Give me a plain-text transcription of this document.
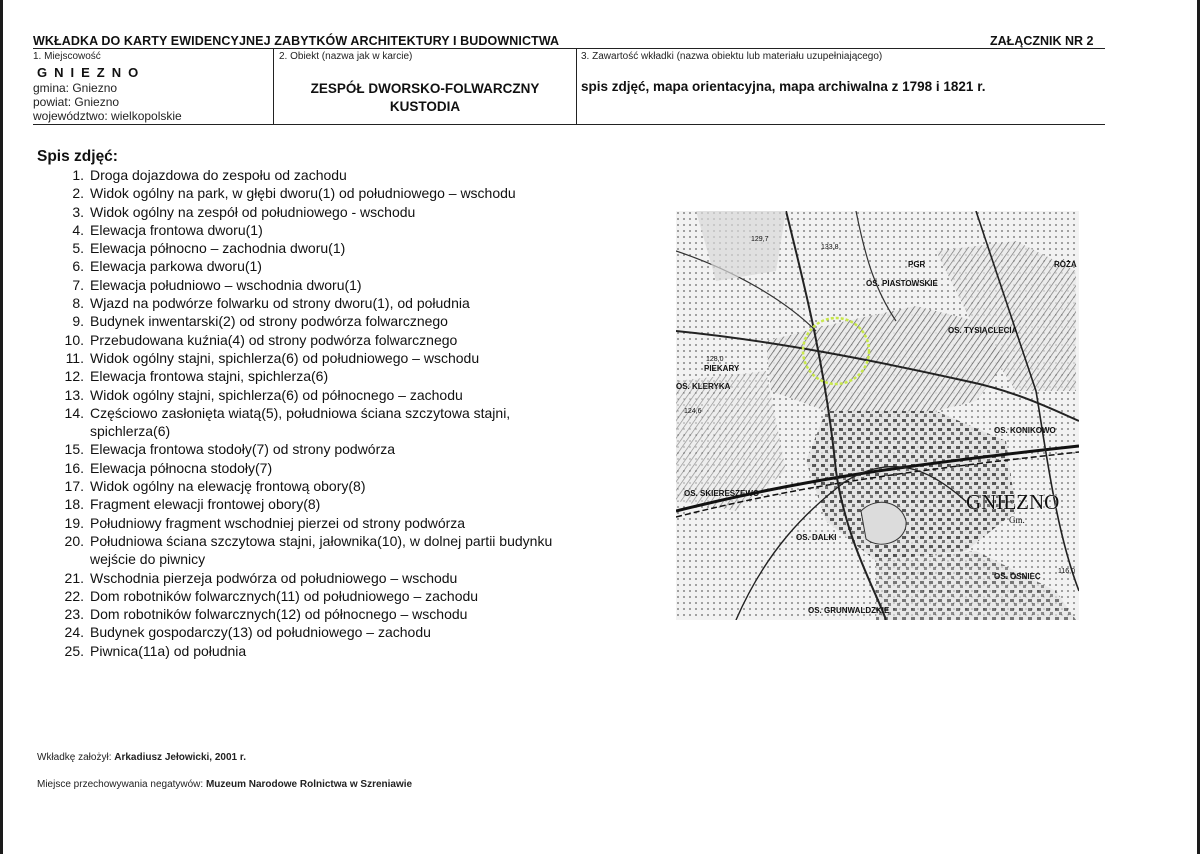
WKŁADKA DO KARTY EWIDENCYJNEJ ZABYTKÓW ARCHITEKTURY I BUDOWNICTWA	ZAŁĄCZNIK NR 2
1. Miejscowość
GNIEZNO
gmina: Gniezno
powiat: Gniezno
województwo: wielkopolskie
2. Obiekt (nazwa jak w karcie)
ZESPÓŁ DWORSKO-FOLWARCZNY
KUSTODIA
3. Zawartość wkładki (nazwa obiektu lub materiału uzupełniającego)
spis zdjęć, mapa orientacyjna, mapa archiwalna z 1798 i 1821 r.
Spis zdjęć:
1. Droga dojazdowa do zespołu od zachodu
2. Widok ogólny na park, w głębi dworu(1) od południowego – wschodu
3. Widok ogólny na zespół od południowego - wschodu
4. Elewacja frontowa dworu(1)
5. Elewacja północno – zachodnia dworu(1)
6. Elewacja parkowa dworu(1)
7. Elewacja południowo – wschodnia dworu(1)
8. Wjazd na podwórze folwarku od strony dworu(1), od południa
9. Budynek inwentarski(2) od strony podwórza folwarcznego
10. Przebudowana kuźnia(4) od strony podwórza folwarcznego
11. Widok ogólny stajni, spichlerza(6) od południowego – wschodu
12. Elewacja frontowa stajni, spichlerza(6)
13. Widok ogólny stajni, spichlerza(6) od północnego – zachodu
14. Częściowo zasłonięta wiatą(5), południowa ściana szczytowa stajni, spichlerza(6)
15. Elewacja frontowa stodoły(7) od strony podwórza
16. Elewacja północna stodoły(7)
17. Widok ogólny na elewację frontową obory(8)
18. Fragment elewacji frontowej obory(8)
19. Południowy fragment wschodniej pierzei od strony podwórza
20. Południowa ściana szczytowa stajni, jałownika(10), w dolnej partii budynku wejście do piwnicy
21. Wschodnia pierzeja podwórza od południowego – wschodu
22. Dom robotników folwarcznych(11) od południowego – zachodu
23. Dom robotników folwarcznych(12) od północnego – wschodu
24. Budynek gospodarczy(13) od południowego – zachodu
25. Piwnica(11a) od południa
OS. PIASTOWSKIE
OS. TYSIĄCLECIA
OS. KLERYKA
PIEKARY
OS. KONIKOWO
OS. SKIERESZEWO
OS. DALKI
OS. OSNIEC
OS. GRUNWALDZKIE
PGR	RÓŻA
133,8
129,7
128,0
124,6
116,0
GNIEZNO
Gm.
Wkładkę założył: Arkadiusz Jełowicki, 2001 r.
Miejsce przechowywania negatywów: Muzeum Narodowe Rolnictwa w Szreniawie
